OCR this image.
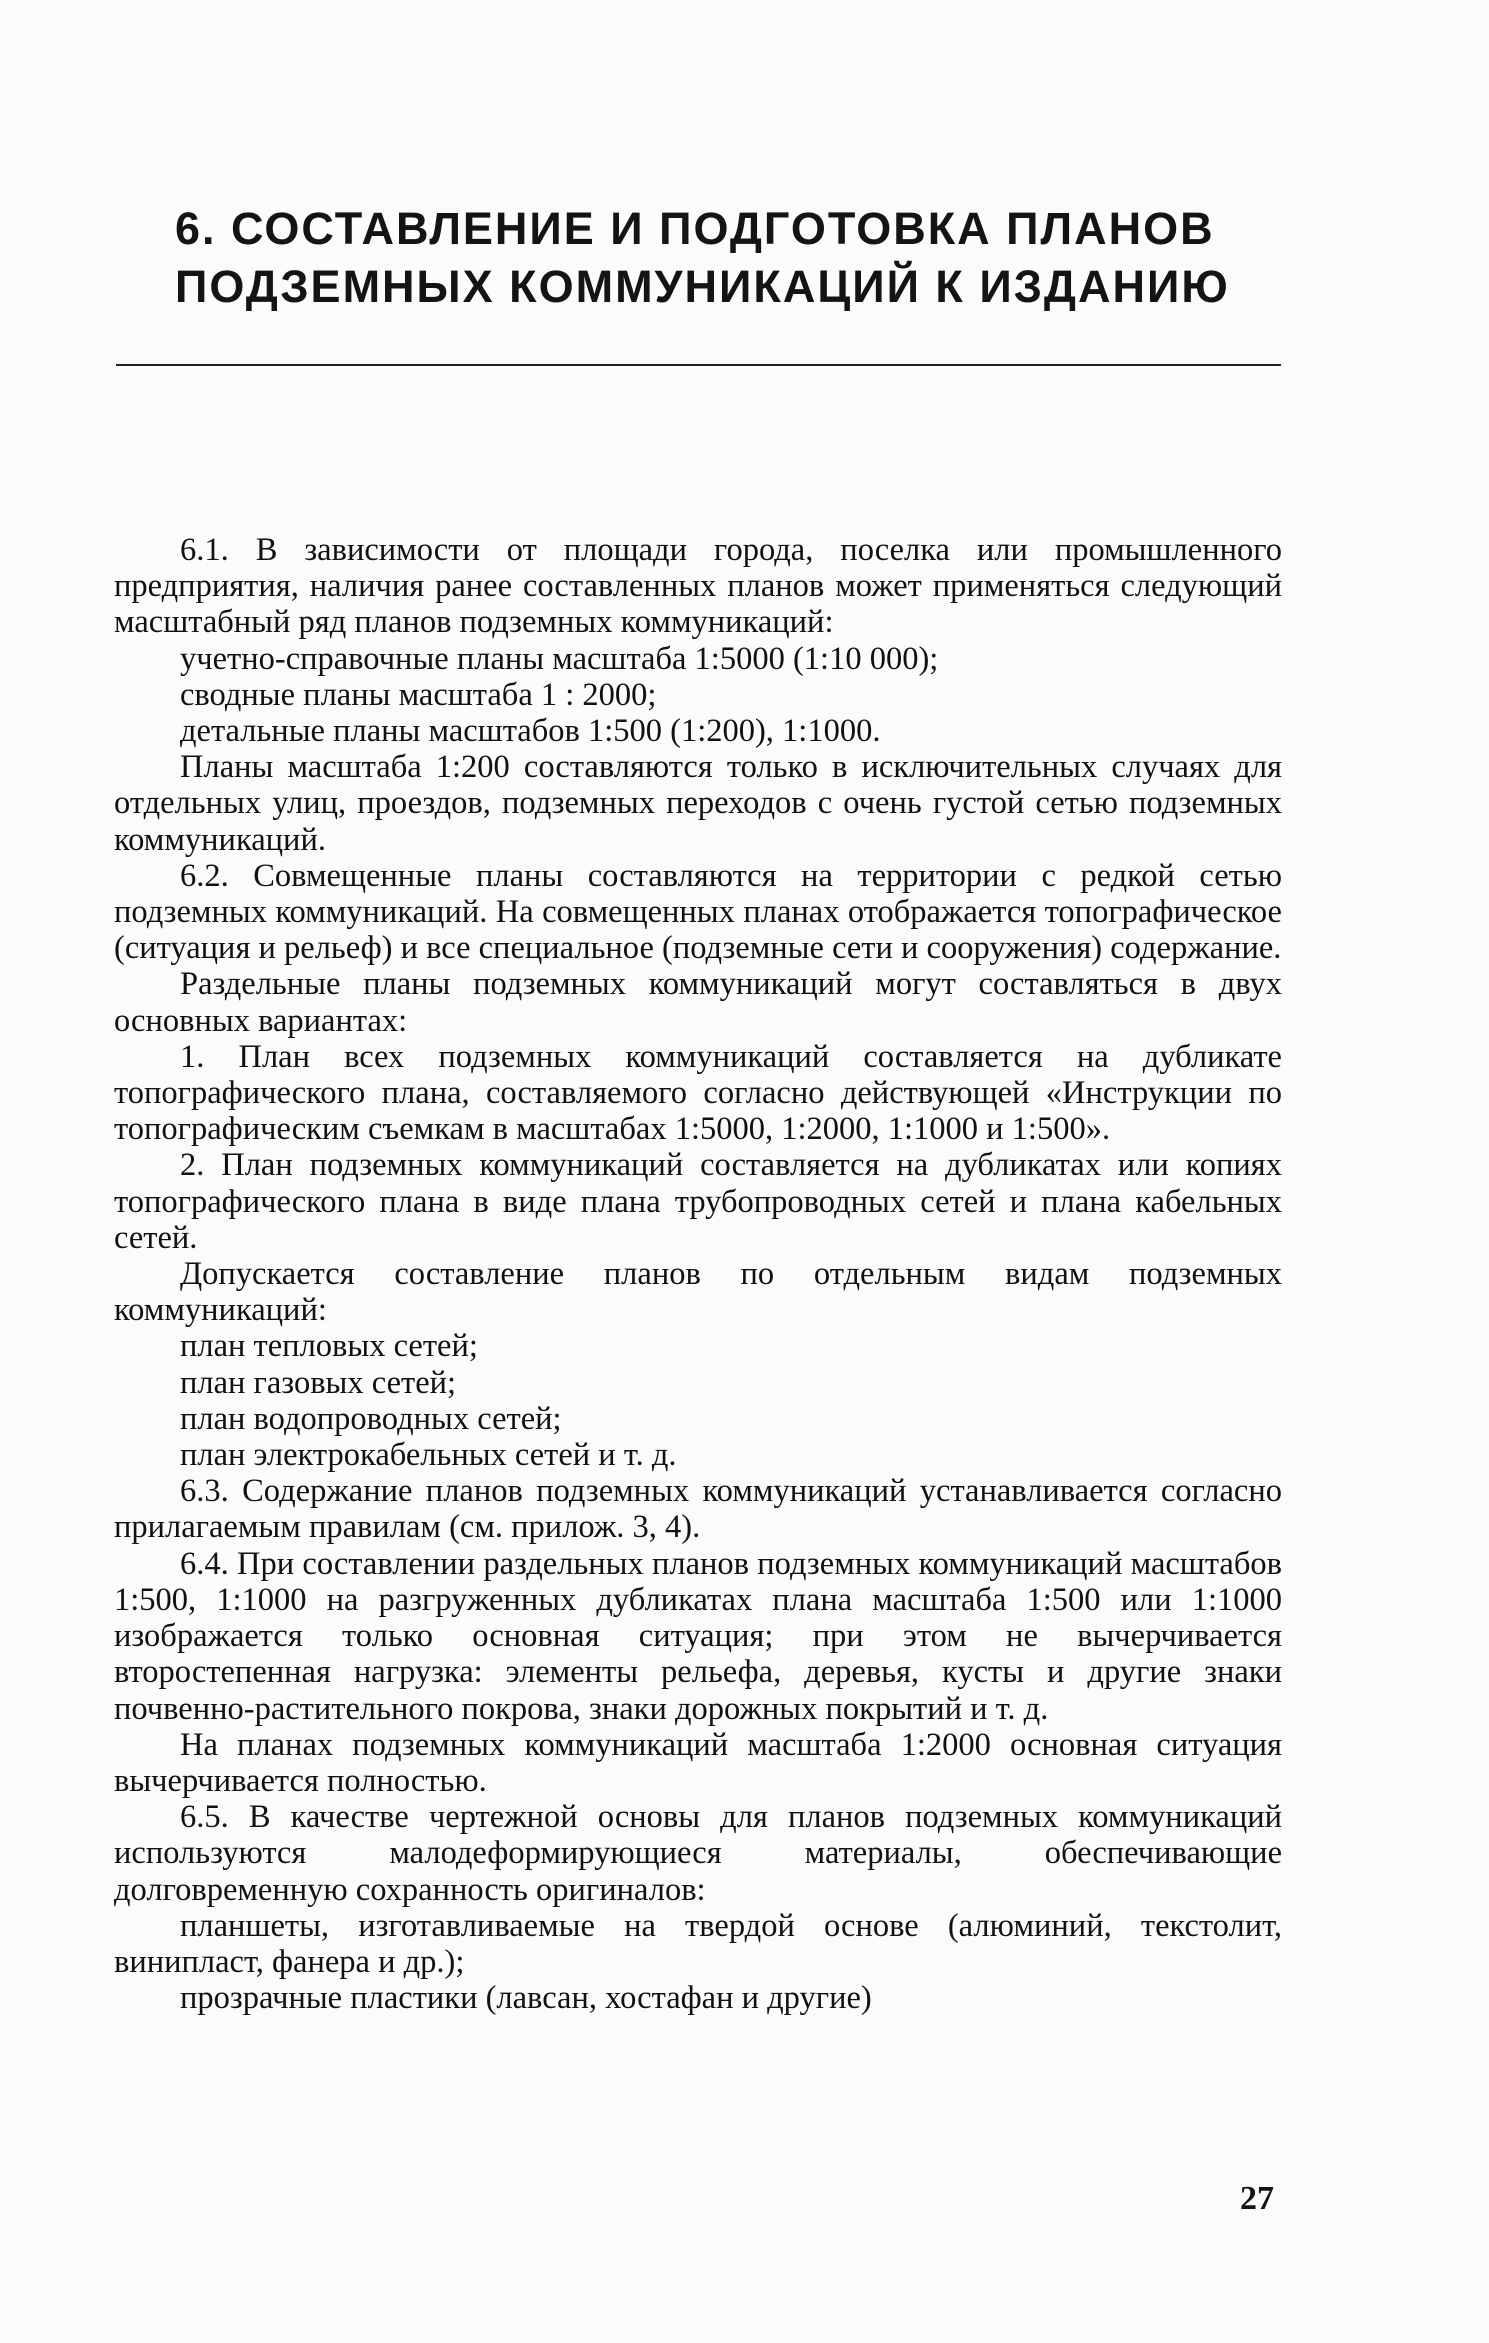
6. СОСТАВЛЕНИЕ И ПОДГОТОВКА ПЛАНОВ
ПОДЗЕМНЫХ КОММУНИКАЦИЙ К ИЗДАНИЮ

6.1. В зависимости от площади города, поселка или промышленного предприятия, наличия ранее составленных планов может применяться следующий масштабный ряд планов подземных коммуникаций:

учетно-справочные планы масштаба 1:5000 (1:10 000);

сводные планы масштаба 1 : 2000;

детальные планы масштабов 1:500 (1:200), 1:1000.

Планы масштаба 1:200 составляются только в исключительных случаях для отдельных улиц, проездов, подземных переходов с очень густой сетью подземных коммуникаций.

6.2. Совмещенные планы составляются на территории с редкой сетью подземных коммуникаций. На совмещенных планах отображается топографическое (ситуация и рельеф) и все специальное (подземные сети и сооружения) содержание.

Раздельные планы подземных коммуникаций могут составляться в двух основных вариантах:

1. План всех подземных коммуникаций составляется на дубликате топографического плана, составляемого согласно действующей «Инструкции по топографическим съемкам в масштабах 1:5000, 1:2000, 1:1000 и 1:500».

2. План подземных коммуникаций составляется на дубликатах или копиях топографического плана в виде плана трубопроводных сетей и плана кабельных сетей.

Допускается составление планов по отдельным видам подземных коммуникаций:

план тепловых сетей;

план газовых сетей;

план водопроводных сетей;

план электрокабельных сетей и т. д.

6.3. Содержание планов подземных коммуникаций устанавливается согласно прилагаемым правилам (см. прилож. 3, 4).

6.4. При составлении раздельных планов подземных коммуникаций масштабов 1:500, 1:1000 на разгруженных дубликатах плана масштаба 1:500 или 1:1000 изображается только основная ситуация; при этом не вычерчивается второстепенная нагрузка: элементы рельефа, деревья, кусты и другие знаки почвенно-растительного покрова, знаки дорожных покрытий и т. д.

На планах подземных коммуникаций масштаба 1:2000 основная ситуация вычерчивается полностью.

6.5. В качестве чертежной основы для планов подземных коммуникаций используются малодеформирующиеся материалы, обеспечивающие долговременную сохранность оригиналов:

планшеты, изготавливаемые на твердой основе (алюминий, текстолит, винипласт, фанера и др.);

прозрачные пластики (лавсан, хостафан и другие)

27
